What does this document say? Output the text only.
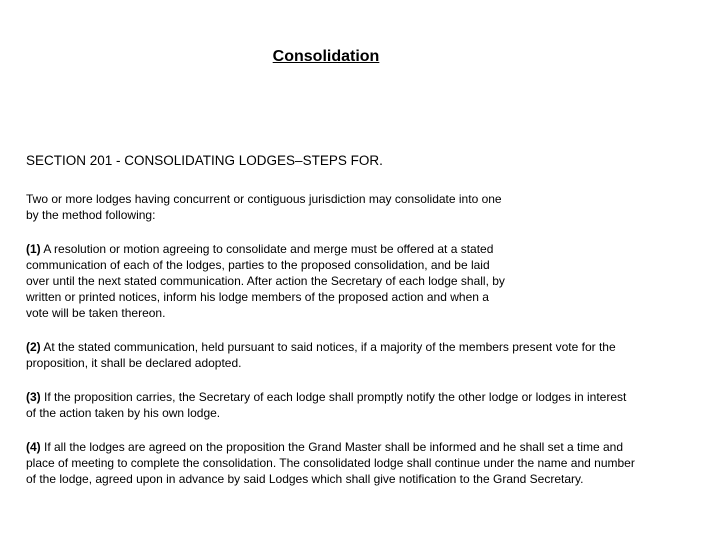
Consolidation

SECTION 201 - CONSOLIDATING LODGES–STEPS FOR.

Two or more lodges having concurrent or contiguous jurisdiction may consolidate into one by the method following:

(1) A resolution or motion agreeing to consolidate and merge must be offered at a stated communication of each of the lodges, parties to the proposed consolidation, and be laid over until the next stated communication. After action the Secretary of each lodge shall, by written or printed notices, inform his lodge members of the proposed action and when a vote will be taken thereon.

(2) At the stated communication, held pursuant to said notices, if a majority of the members present vote for the proposition, it shall be declared adopted.

(3) If the proposition carries, the Secretary of each lodge shall promptly notify the other lodge or lodges in interest of the action taken by his own lodge.

(4) If all the lodges are agreed on the proposition the Grand Master shall be informed and he shall set a time and place of meeting to complete the consolidation. The consolidated lodge shall continue under the name and number of the lodge, agreed upon in advance by said Lodges which shall give notification to the Grand Secretary.
